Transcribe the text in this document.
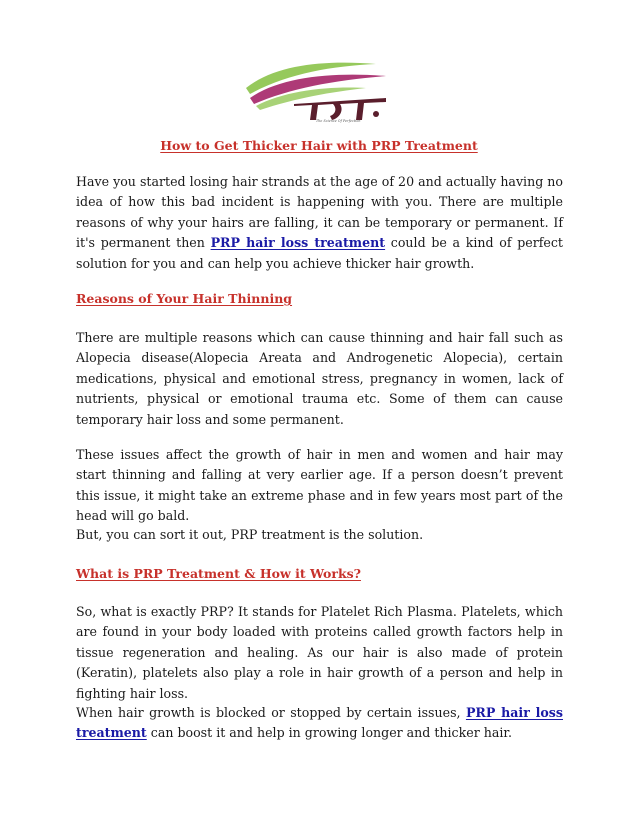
The Science Of Perfection
How to Get Thicker Hair with PRP Treatment

Have you started losing hair strands at the age of 20 and actually having no idea of how this bad incident is happening with you. There are multiple reasons of why your hairs are falling, it can be temporary or permanent. If it's permanent then PRP hair loss treatment could be a kind of perfect solution for you and can help you achieve thicker hair growth.

Reasons of Your Hair Thinning

There are multiple reasons which can cause thinning and hair fall such as Alopecia disease(Alopecia Areata and Androgenetic Alopecia), certain medications, physical and emotional stress, pregnancy in women, lack of nutrients, physical or emotional trauma etc. Some of them can cause temporary hair loss and some permanent.

These issues affect the growth of hair in men and women and hair may start thinning and falling at very earlier age. If a person doesn’t prevent this issue, it might take an extreme phase and in few years most part of the head will go bald.

But, you can sort it out, PRP treatment is the solution.

What is PRP Treatment & How it Works?

So, what is exactly PRP? It stands for Platelet Rich Plasma. Platelets, which are found in your body loaded with proteins called growth factors help in tissue regeneration and healing. As our hair is also made of protein (Keratin), platelets also play a role in hair growth of a person and help in fighting hair loss.

When hair growth is blocked or stopped by certain issues, PRP hair loss treatment can boost it and help in growing longer and thicker hair.
